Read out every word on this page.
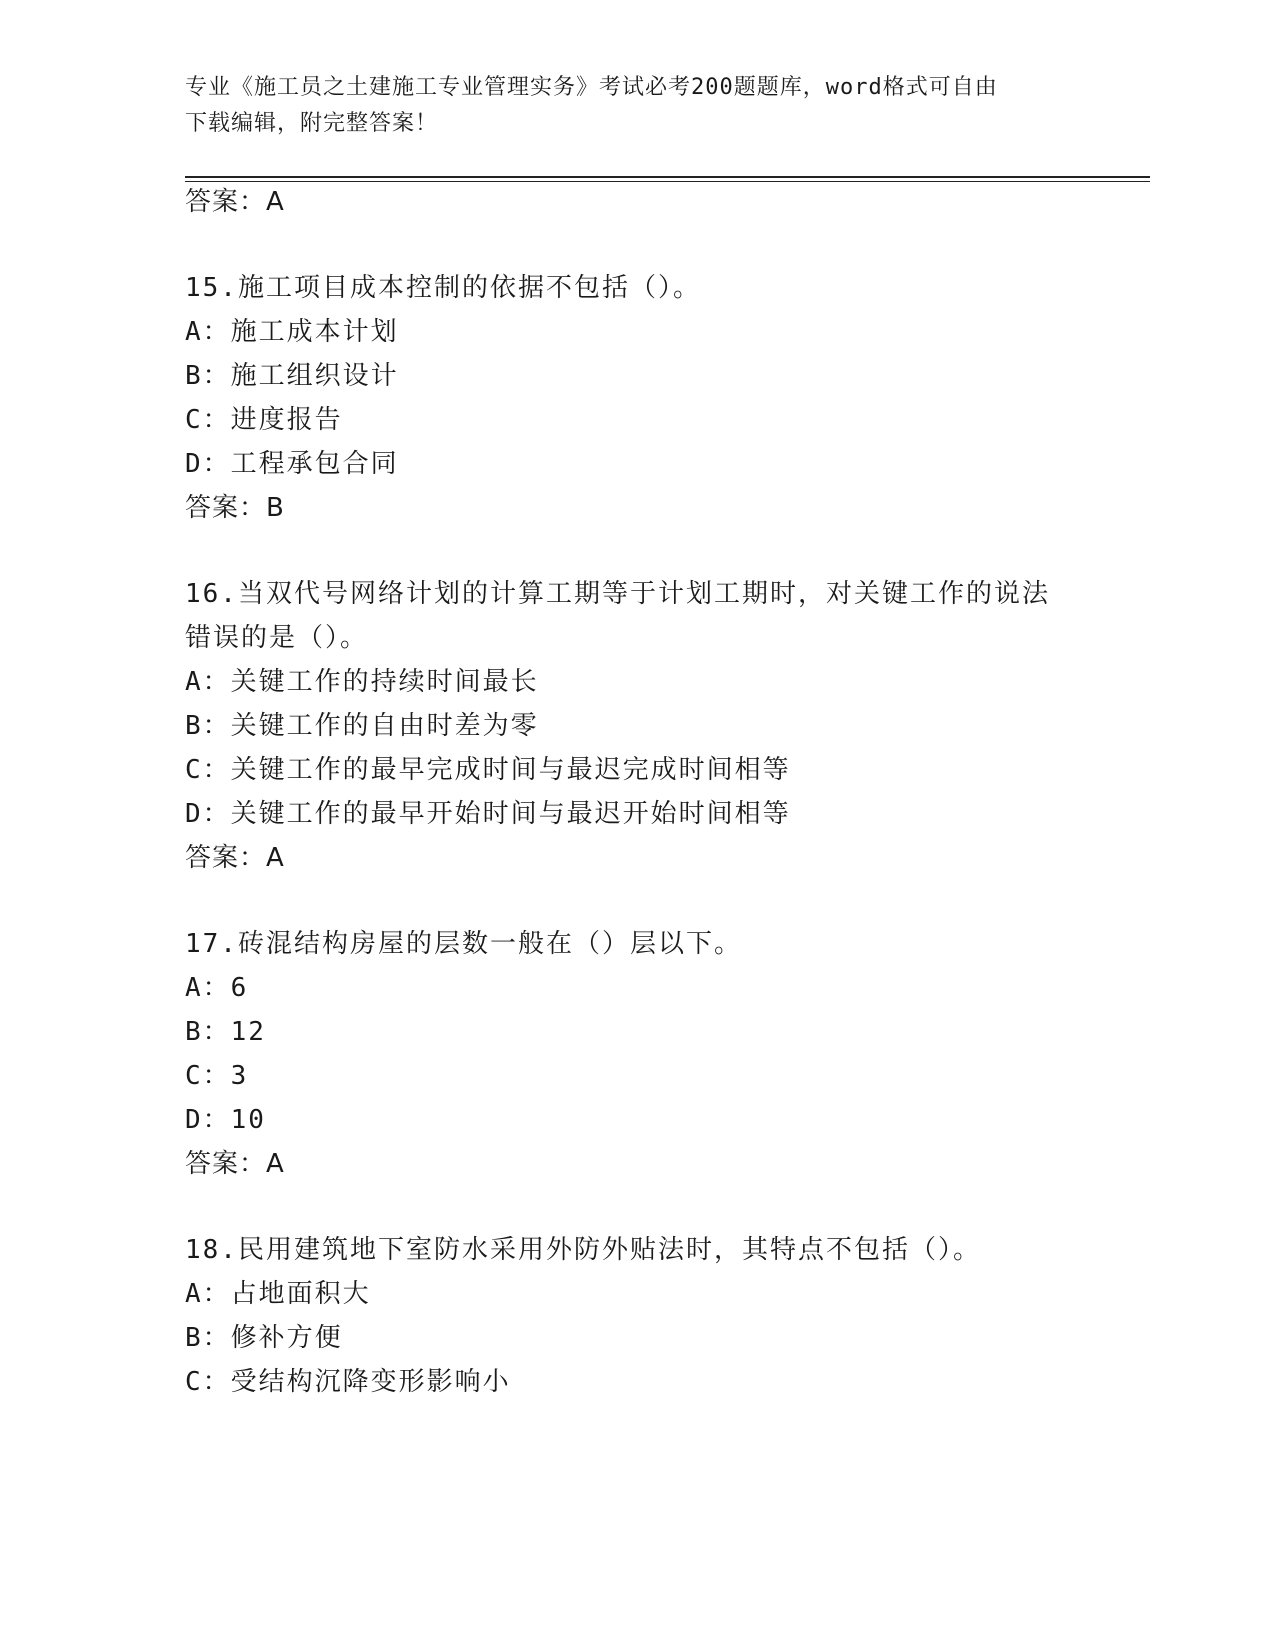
专业《施工员之土建施工专业管理实务》考试必考200题题库，word格式可自由
下载编辑，附完整答案！
答案：A
15.施工项目成本控制的依据不包括（）。
A：施工成本计划
B：施工组织设计
C：进度报告
D：工程承包合同
答案：B
16.当双代号网络计划的计算工期等于计划工期时，对关键工作的说法
错误的是（）。
A：关键工作的持续时间最长
B：关键工作的自由时差为零
C：关键工作的最早完成时间与最迟完成时间相等
D：关键工作的最早开始时间与最迟开始时间相等
答案：A
17.砖混结构房屋的层数一般在（）层以下。
A：6
B：12
C：3
D：10
答案：A
18.民用建筑地下室防水采用外防外贴法时，其特点不包括（）。
A：占地面积大
B：修补方便
C：受结构沉降变形影响小
